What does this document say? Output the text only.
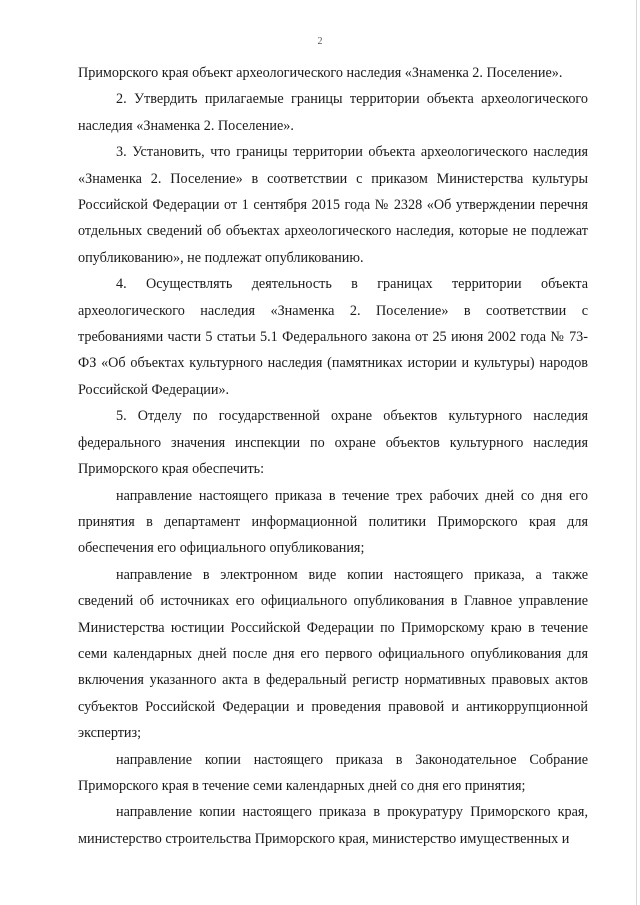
2

Приморского края объект археологического наследия «Знаменка 2. Поселение».

2. Утвердить прилагаемые границы территории объекта археологического наследия «Знаменка 2. Поселение».

3. Установить, что границы территории объекта археологического наследия «Знаменка 2. Поселение» в соответствии с приказом Министерства культуры Российской Федерации от 1 сентября 2015 года № 2328 «Об утверждении перечня отдельных сведений об объектах археологического наследия, которые не подлежат опубликованию», не подлежат опубликованию.

4. Осуществлять деятельность в границах территории объекта археологического наследия «Знаменка 2. Поселение» в соответствии с требованиями части 5 статьи 5.1 Федерального закона от 25 июня 2002 года № 73-ФЗ «Об объектах культурного наследия (памятниках истории и культуры) народов Российской Федерации».

5. Отделу по государственной охране объектов культурного наследия федерального значения инспекции по охране объектов культурного наследия Приморского края обеспечить:

направление настоящего приказа в течение трех рабочих дней со дня его принятия в департамент информационной политики Приморского края для обеспечения его официального опубликования;

направление в электронном виде копии настоящего приказа, а также сведений об источниках его официального опубликования в Главное управление Министерства юстиции Российской Федерации по Приморскому краю в течение семи календарных дней после дня его первого официального опубликования для включения указанного акта в федеральный регистр нормативных правовых актов субъектов Российской Федерации и проведения правовой и антикоррупционной экспертиз;

направление копии настоящего приказа в Законодательное Собрание Приморского края в течение семи календарных дней со дня его принятия;

направление копии настоящего приказа в прокуратуру Приморского края, министерство строительства Приморского края, министерство имущественных и
